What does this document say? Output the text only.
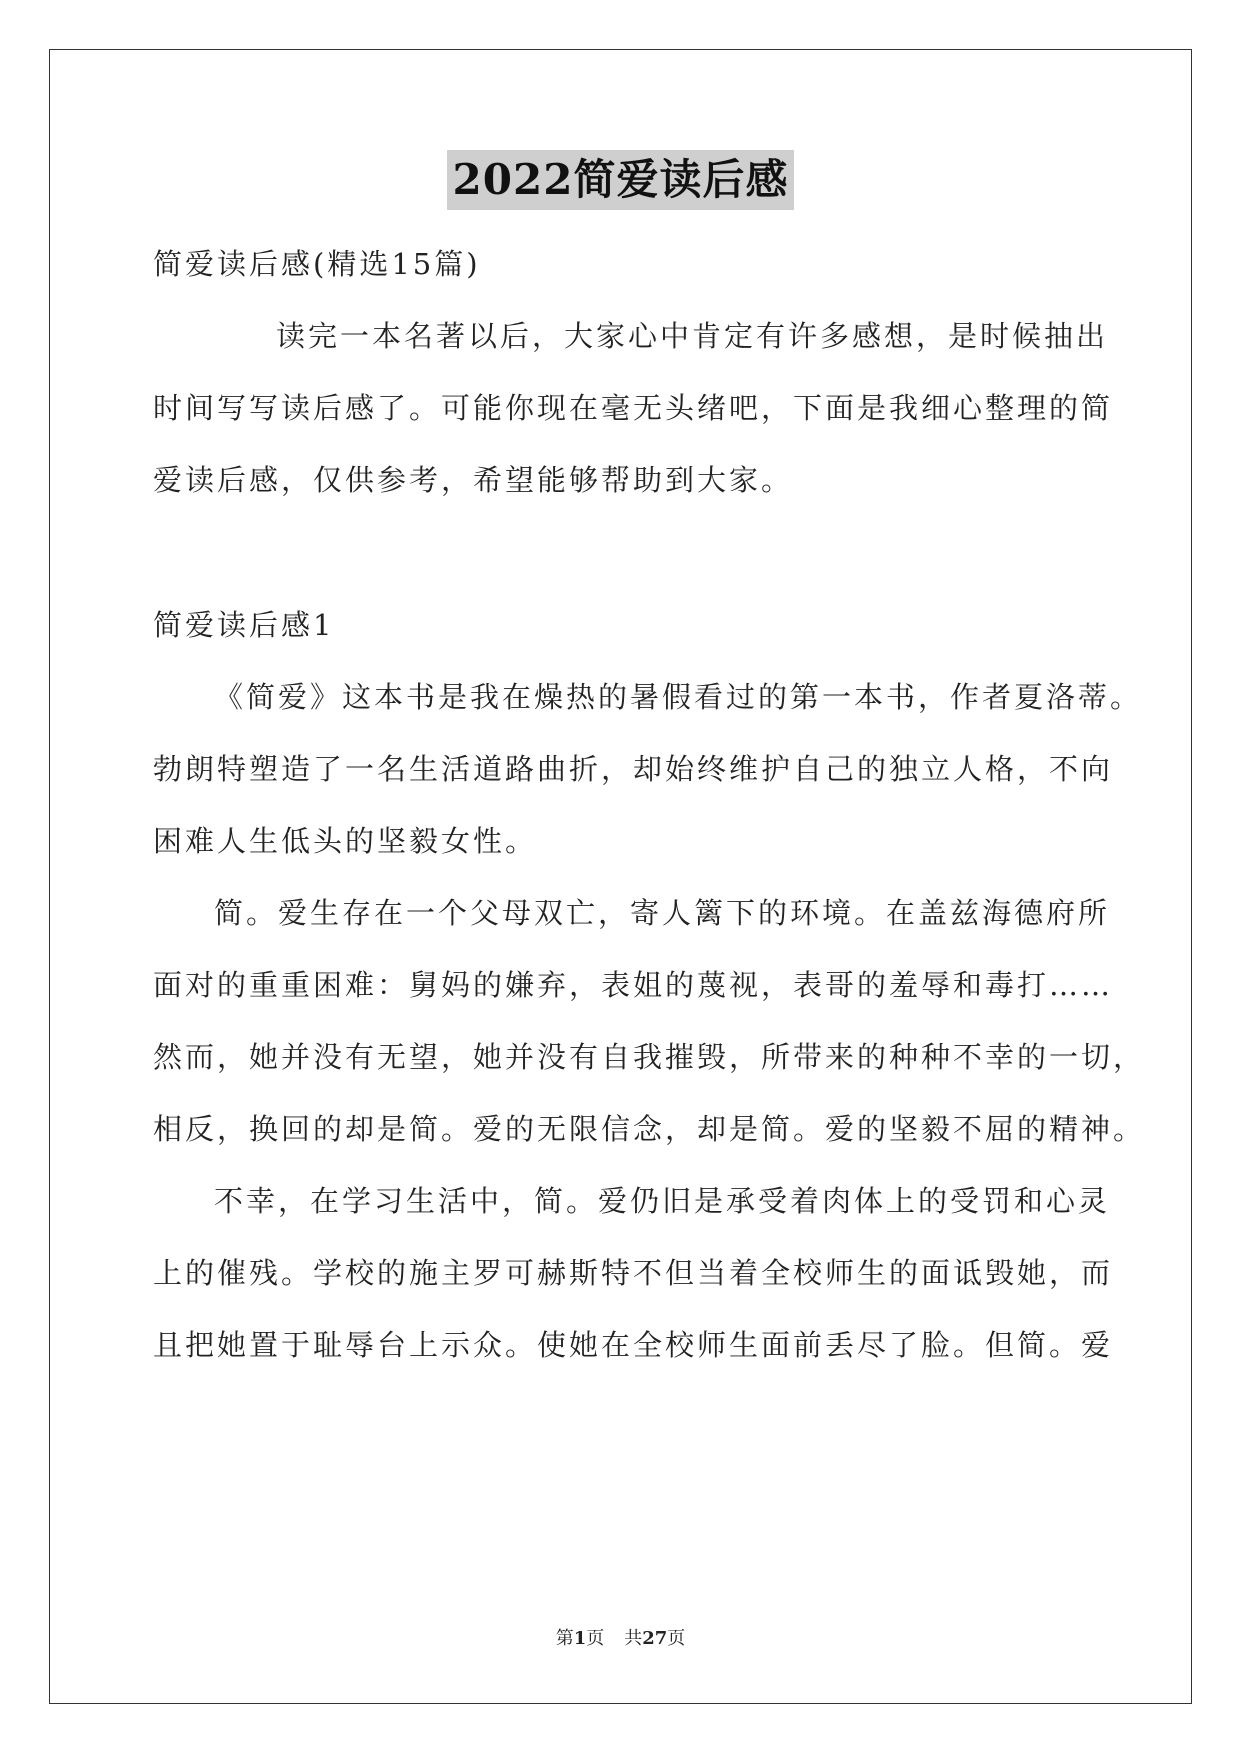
2022简爱读后感
简爱读后感(精选15篇)
读完一本名著以后，大家心中肯定有许多感想，是时候抽出
时间写写读后感了。可能你现在毫无头绪吧，下面是我细心整理的简
爱读后感，仅供参考，希望能够帮助到大家。
简爱读后感1
《简爱》这本书是我在燥热的暑假看过的第一本书，作者夏洛蒂。
勃朗特塑造了一名生活道路曲折，却始终维护自己的独立人格，不向
困难人生低头的坚毅女性。
简。爱生存在一个父母双亡，寄人篱下的环境。在盖兹海德府所
面对的重重困难：舅妈的嫌弃，表姐的蔑视，表哥的羞辱和毒打……
然而，她并没有无望，她并没有自我摧毁，所带来的种种不幸的一切，
相反，换回的却是简。爱的无限信念，却是简。爱的坚毅不屈的精神。
不幸，在学习生活中，简。爱仍旧是承受着肉体上的受罚和心灵
上的催残。学校的施主罗可赫斯特不但当着全校师生的面诋毁她，而
且把她置于耻辱台上示众。使她在全校师生面前丢尽了脸。但简。爱
第1页 共27页
